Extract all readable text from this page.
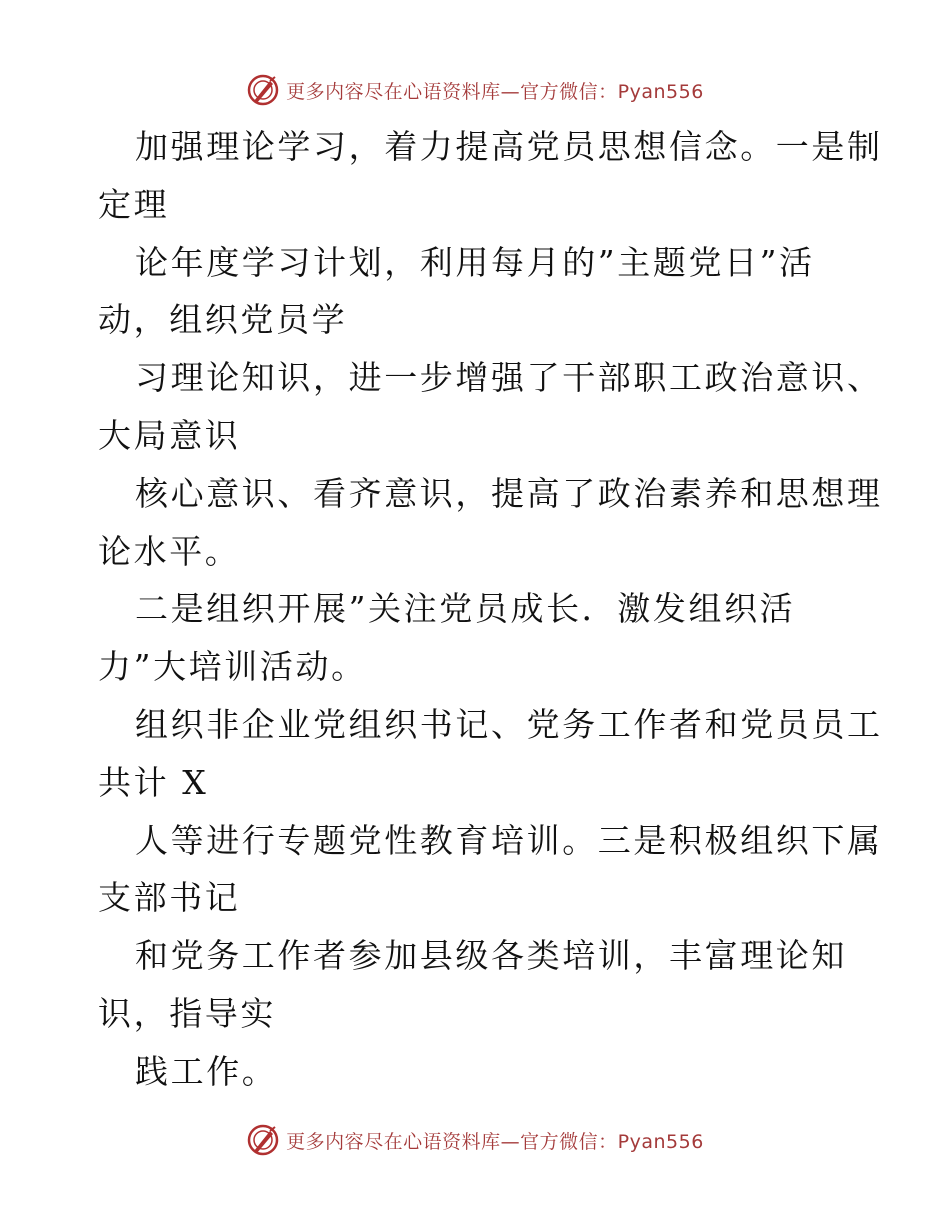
更多内容尽在心语资料库—官方微信：Pyan556
加强理论学习，着力提高党员思想信念。一是制
定理
论年度学习计划，利用每月的”主题党日”活
动，组织党员学
习理论知识，进一步增强了干部职工政治意识、
大局意识
核心意识、看齐意识，提高了政治素养和思想理
论水平。
二是组织开展”关注党员成长．激发组织活
力”大培训活动。
组织非企业党组织书记、党务工作者和党员员工
共计 X
人等进行专题党性教育培训。三是积极组织下属
支部书记
和党务工作者参加县级各类培训，丰富理论知
识，指导实
践工作。
更多内容尽在心语资料库—官方微信：Pyan556
